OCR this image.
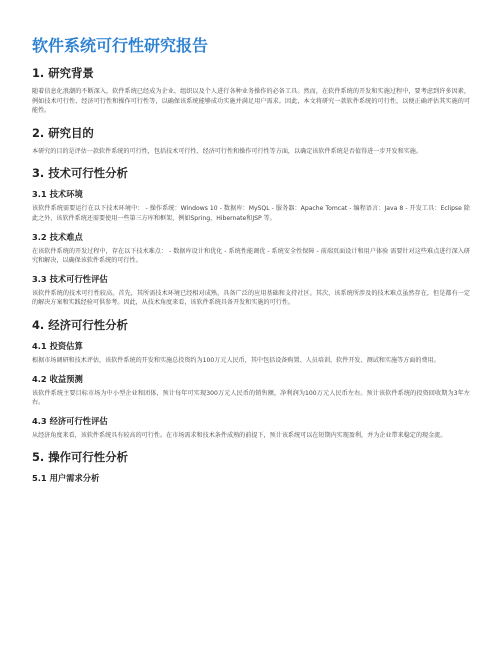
软件系统可行性研究报告
1. 研究背景

随着信息化浪潮的不断深入，软件系统已经成为企业、组织以及个人进行各种业务操作的必备工具。然而，在软件系统的开发和实施过程中，要考虑到许多因素，例如技术可行性、经济可行性和操作可行性等，以确保该系统能够成功实施并满足用户需求。因此，本文将研究一款软件系统的可行性，以便正确评估其实施的可能性。

2. 研究目的

本研究的目的是评估一款软件系统的可行性，包括技术可行性、经济可行性和操作可行性等方面，以确定该软件系统是否值得进一步开发和实施。

3. 技术可行性分析
3.1 技术环境

该软件系统需要运行在以下技术环境中： - 操作系统：Windows 10 - 数据库：MySQL - 服务器：Apache Tomcat - 编程语言：Java 8 - 开发工具：Eclipse 除此之外，该软件系统还需要使用一些第三方库和框架，例如Spring、Hibernate和JSP 等。

3.2 技术难点

在该软件系统的开发过程中，存在以下技术难点： - 数据库设计和优化 - 系统性能调优 - 系统安全性保障 - 前端页面设计和用户体验 需要针对这些难点进行深入研究和解决，以确保该软件系统的可行性。

3.3 技术可行性评估

该软件系统的技术可行性较高。首先，其所需技术环境已经相对成熟，具备广泛的应用基础和支持社区。其次，该系统所涉及的技术难点虽然存在，但是都有一定的解决方案和实践经验可供参考。因此，从技术角度来看，该软件系统具备开发和实施的可行性。

4. 经济可行性分析
4.1 投资估算

根据市场调研和技术评估，该软件系统的开发和实施总投资约为100万元人民币，其中包括设备购置、人员培训、软件开发、测试和实施等方面的费用。

4.2 收益预测

该软件系统主要目标市场为中小型企业和团体，预计每年可实现300万元人民币的销售额，净利润为100万元人民币左右。预计该软件系统的投资回收期为3年左右。

4.3 经济可行性评估

从经济角度来看，该软件系统具有较高的可行性。在市场需求和技术条件成熟的前提下，预计该系统可以在短期内实现盈利，并为企业带来稳定的现金流。

5. 操作可行性分析
5.1 用户需求分析
